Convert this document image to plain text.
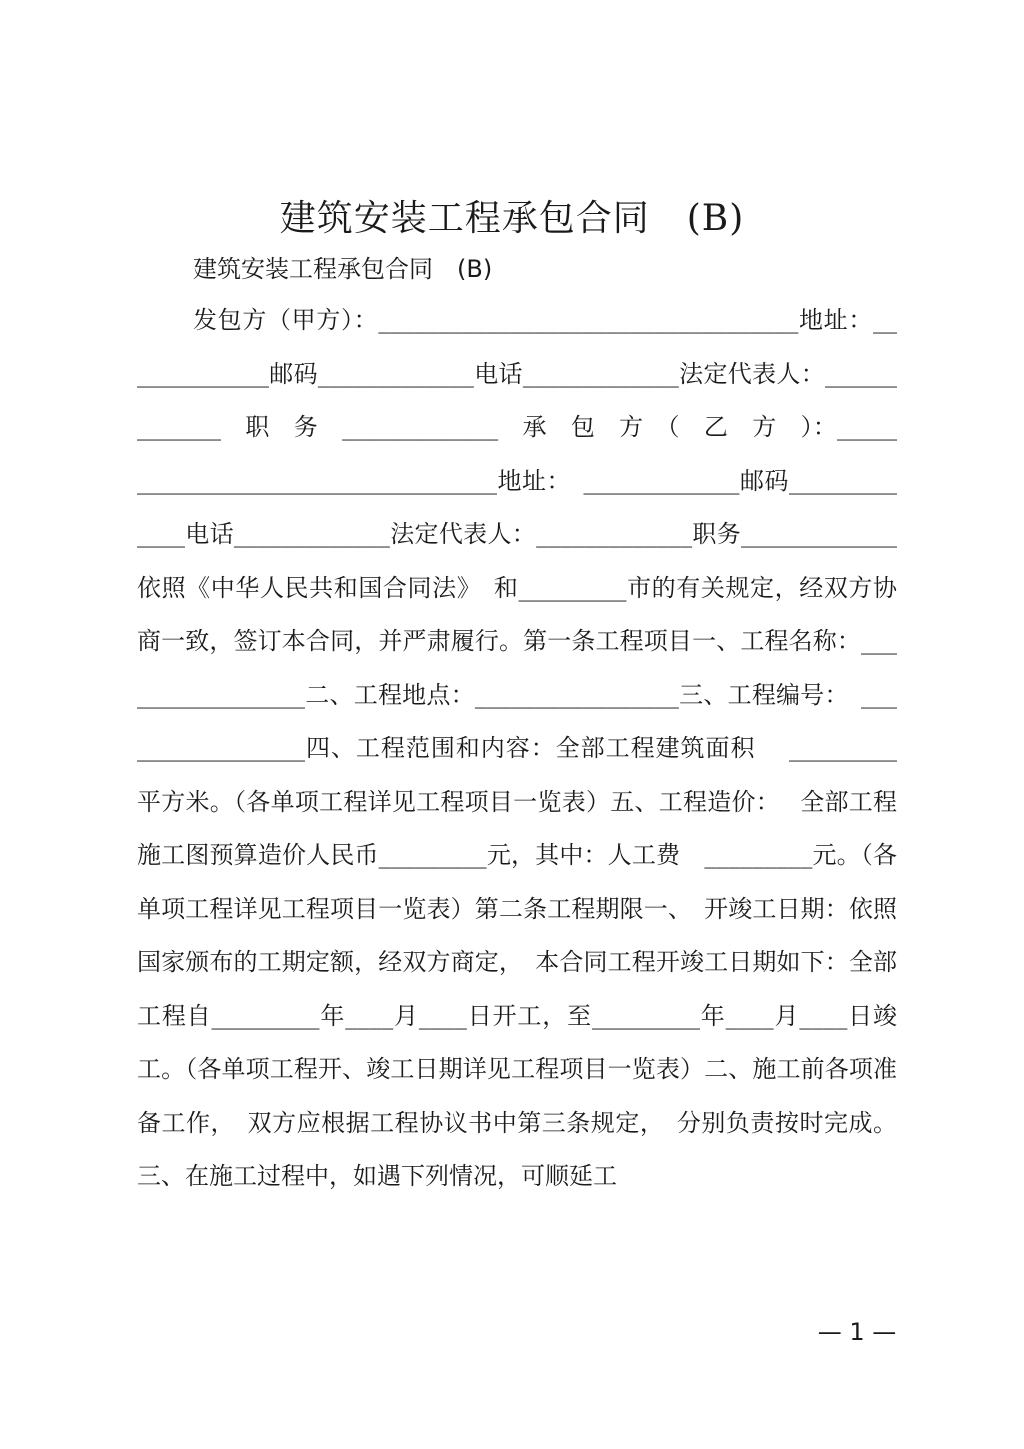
建筑安装工程承包合同　(B)
建筑安装工程承包合同　(B)

发包方（甲方）：___________________________________地址：_____________邮码_____________电话_____________法定代表人：_____________　职　务　_____________　承　包　方　（　乙　方　）：___________________________________地址：　_____________邮码_____________电话_____________法定代表人：_____________职务_____________依照《中华人民共和国合同法》　和_________市的有关规定，经双方协商一致，签订本合同，并严肃履行。第一条工程项目一、工程名称：_________________二、工程地点：_________________三、工程编号：　_________________四、工程范围和内容：全部工程建筑面积　 _________平方米。（各单项工程详见工程项目一览表）五、工程造价：　 全部工程施工图预算造价人民币_________元，其中：人工费　_________元。（各单项工程详见工程项目一览表）第二条工程期限一、　开竣工日期：依照国家颁布的工期定额，经双方商定，　本合同工程开竣工日期如下：全部工程自_________年____月____日开工，至_________年____月____日竣工。（各单项工程开、竣工日期详见工程项目一览表）二、施工前各项准备工作，　双方应根据工程协议书中第三条规定，　分别负责按时完成。三、在施工过程中，如遇下列情况，可顺延工

— 1 —
